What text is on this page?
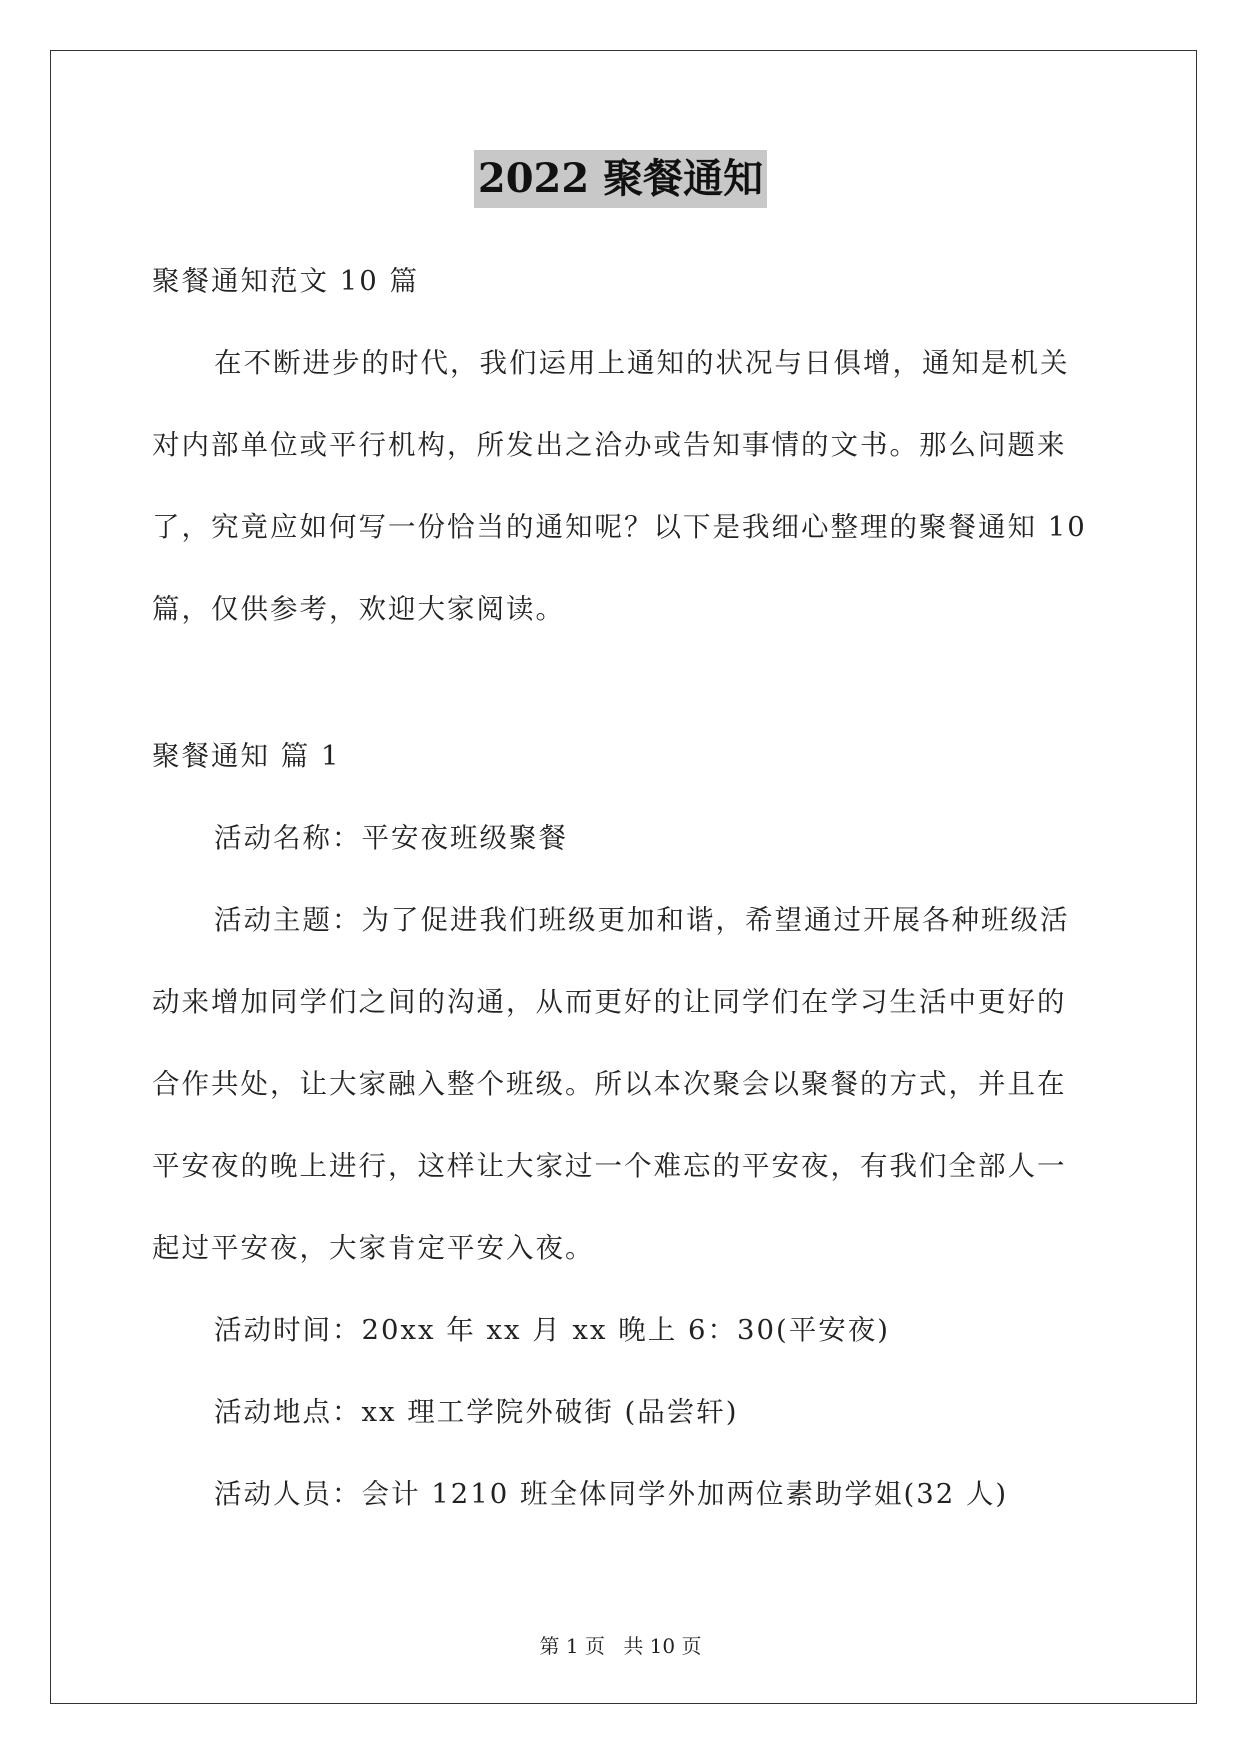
2022 聚餐通知

聚餐通知范文 10 篇

在不断进步的时代，我们运用上通知的状况与日俱增，通知是机关对内部单位或平行机构，所发出之洽办或告知事情的文书。那么问题来了，究竟应如何写一份恰当的通知呢？以下是我细心整理的聚餐通知 10 篇，仅供参考，欢迎大家阅读。

聚餐通知 篇 1

活动名称：平安夜班级聚餐

活动主题：为了促进我们班级更加和谐，希望通过开展各种班级活动来增加同学们之间的沟通，从而更好的让同学们在学习生活中更好的合作共处，让大家融入整个班级。所以本次聚会以聚餐的方式，并且在平安夜的晚上进行，这样让大家过一个难忘的平安夜，有我们全部人一起过平安夜，大家肯定平安入夜。

活动时间：20xx 年 xx 月 xx 晚上 6：30(平安夜)

活动地点：xx 理工学院外破街 (品尝轩)

活动人员：会计 1210 班全体同学外加两位素助学姐(32 人)

第 1 页 共 10 页
